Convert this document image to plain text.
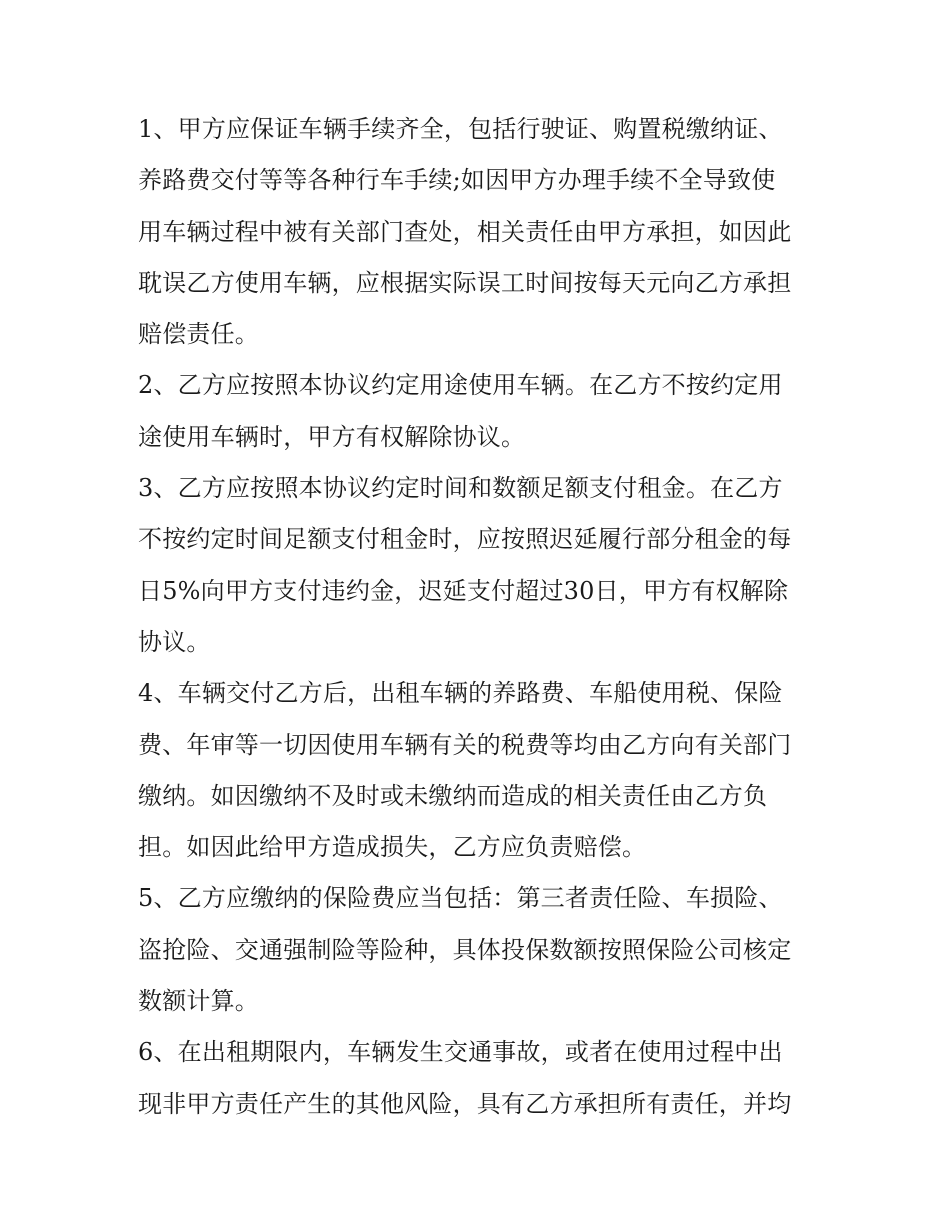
1、甲方应保证车辆手续齐全，包括行驶证、购置税缴纳证、
养路费交付等等各种行车手续;如因甲方办理手续不全导致使
用车辆过程中被有关部门查处，相关责任由甲方承担，如因此
耽误乙方使用车辆，应根据实际误工时间按每天元向乙方承担
赔偿责任。
2、乙方应按照本协议约定用途使用车辆。在乙方不按约定用
途使用车辆时，甲方有权解除协议。
3、乙方应按照本协议约定时间和数额足额支付租金。在乙方
不按约定时间足额支付租金时，应按照迟延履行部分租金的每
日5%向甲方支付违约金，迟延支付超过30日，甲方有权解除
协议。
4、车辆交付乙方后，出租车辆的养路费、车船使用税、保险
费、年审等一切因使用车辆有关的税费等均由乙方向有关部门
缴纳。如因缴纳不及时或未缴纳而造成的相关责任由乙方负
担。如因此给甲方造成损失，乙方应负责赔偿。
5、乙方应缴纳的保险费应当包括：第三者责任险、车损险、
盗抢险、交通强制险等险种，具体投保数额按照保险公司核定
数额计算。
6、在出租期限内，车辆发生交通事故，或者在使用过程中出
现非甲方责任产生的其他风险，具有乙方承担所有责任，并均
